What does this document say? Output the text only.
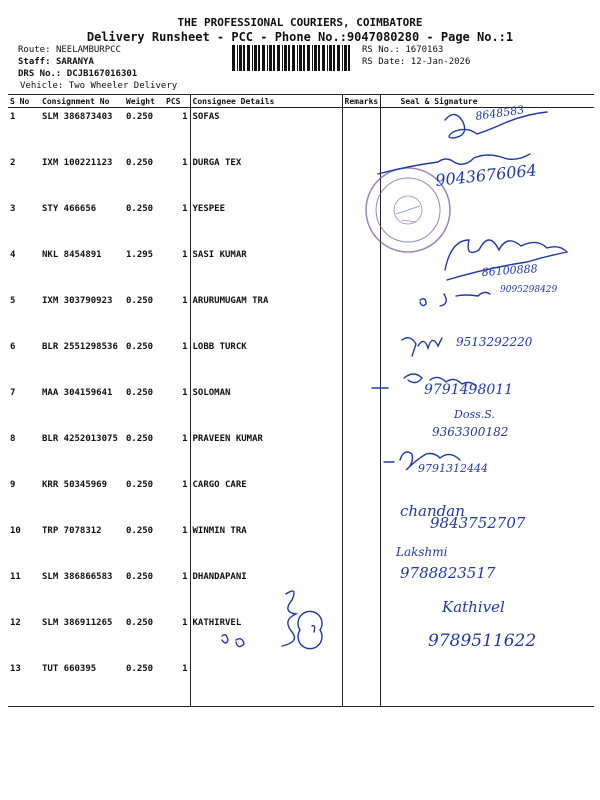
THE PROFESSIONAL COURIERS, COIMBATORE
Delivery Runsheet - PCC - Phone No.:9047080280 - Page No.:1
Route: NEELAMBURPCC
Staff: SARANYA
DRS No.: DCJB167016301
Vehicle: Two Wheeler Delivery
RS No.: 1670163
RS Date: 12-Jan-2026
S No	Consignment No	Weight	PCS	Consignee Details	Remarks	Seal & Signature
1	SLM 386873403	0.250	1	SOFAS		
2	IXM 100221123	0.250	1	DURGA TEX		
3	STY 466656	0.250	1	YESPEE		
4	NKL 8454891	1.295	1	SASI KUMAR		
5	IXM 303790923	0.250	1	ARURUMUGAM TRA		
6	BLR 2551298536	0.250	1	LOBB TURCK		
7	MAA 304159641	0.250	1	SOLOMAN		
8	BLR 4252013075	0.250	1	PRAVEEN KUMAR		
9	KRR 50345969	0.250	1	CARGO CARE		
10	TRP 7078312	0.250	1	WINMIN TRA		
11	SLM 386866583	0.250	1	DHANDAPANI		
12	SLM 386911265	0.250	1	KATHIRVEL		
13	TUT 660395	0.250	1			
8648583
9043676064
86100888
9095298429
9513292220
9791498011
Doss.S.
9363300182
9791312444
chandan
9843752707
Lakshmi
9788823517
Kathivel
9789511622
